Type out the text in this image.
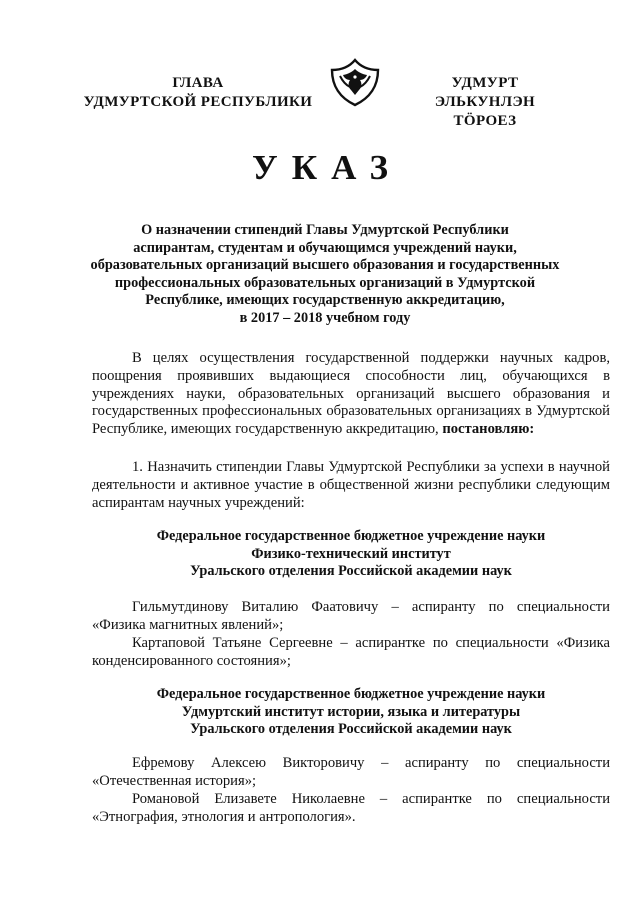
ГЛАВА
УДМУРТСКОЙ РЕСПУБЛИКИ
УДМУРТ ЭЛЬКУНЛЭН
ТӦРОЕЗ
УКАЗ
О назначении стипендий Главы Удмуртской Республики
аспирантам, студентам и обучающимся учреждений науки,
образовательных организаций высшего образования и государственных
профессиональных образовательных организаций в Удмуртской
Республике, имеющих государственную аккредитацию,
в 2017 – 2018 учебном году

В целях осуществления государственной поддержки научных кадров, поощрения проявивших выдающиеся способности лиц, обучающихся в учреждениях науки, образовательных организаций высшего образования и государственных профессиональных образовательных организациях в Удмуртской Республике, имеющих государственную аккредитацию, постановляю:

1. Назначить стипендии Главы Удмуртской Республики за успехи в научной деятельности и активное участие в общественной жизни республики следующим аспирантам научных учреждений:

Федеральное государственное бюджетное учреждение науки
Физико-технический институт
Уральского отделения Российской академии наук

Гильмутдинову Виталию Фаатовичу – аспиранту по специальности «Физика магнитных явлений»;

Картаповой Татьяне Сергеевне – аспирантке по специальности «Физика конденсированного состояния»;

Федеральное государственное бюджетное учреждение науки
Удмуртский институт истории, языка и литературы
Уральского отделения Российской академии наук

Ефремову Алексею Викторовичу – аспиранту по специальности «Отечественная история»;

Романовой Елизавете Николаевне – аспирантке по специальности «Этнография, этнология и антропология».
